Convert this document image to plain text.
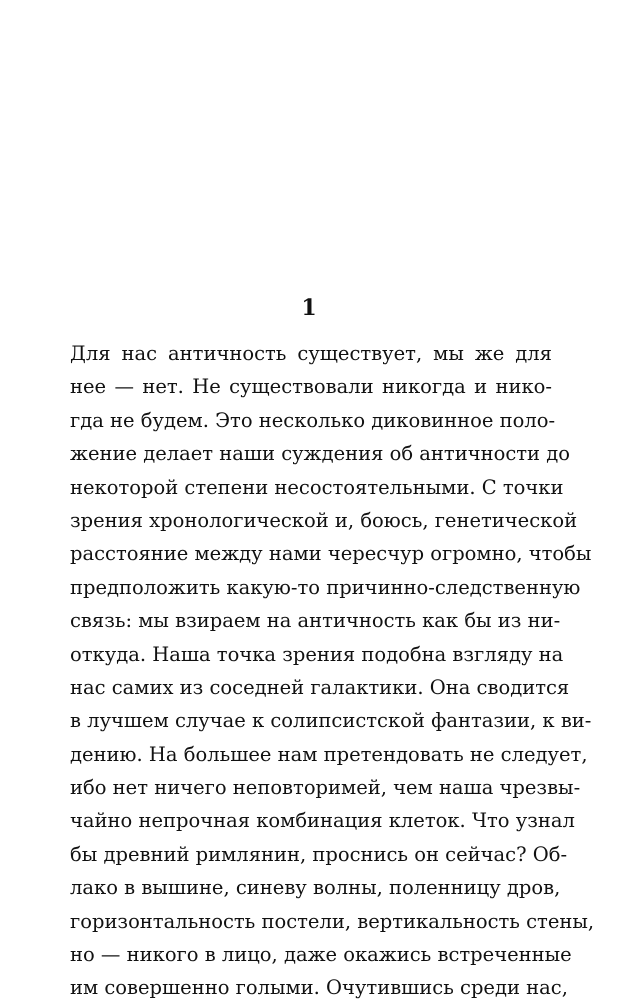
1
Для нас античность существует, мы же для
нее — нет. Не существовали никогда и нико-
гда не будем. Это несколько диковинное поло-
жение делает наши суждения об античности до
некоторой степени несостоятельными. С точки
зрения хронологической и, боюсь, генетической
расстояние между нами чересчур огромно, чтобы
предположить какую-то причинно-следственную
связь: мы взираем на античность как бы из ни-
откуда. Наша точка зрения подобна взгляду на
нас самих из соседней галактики. Она сводится
в лучшем случае к солипсистской фантазии, к ви-
дению. На большее нам претендовать не следует,
ибо нет ничего неповторимей, чем наша чрезвы-
чайно непрочная комбинация клеток. Что узнал
бы древний римлянин, проснись он сейчас? Об-
лако в вышине, синеву волны, поленницу дров,
горизонтальность постели, вертикальность стены,
но — никого в лицо, даже окажись встреченные
им совершенно голыми. Очутившись среди нас,
